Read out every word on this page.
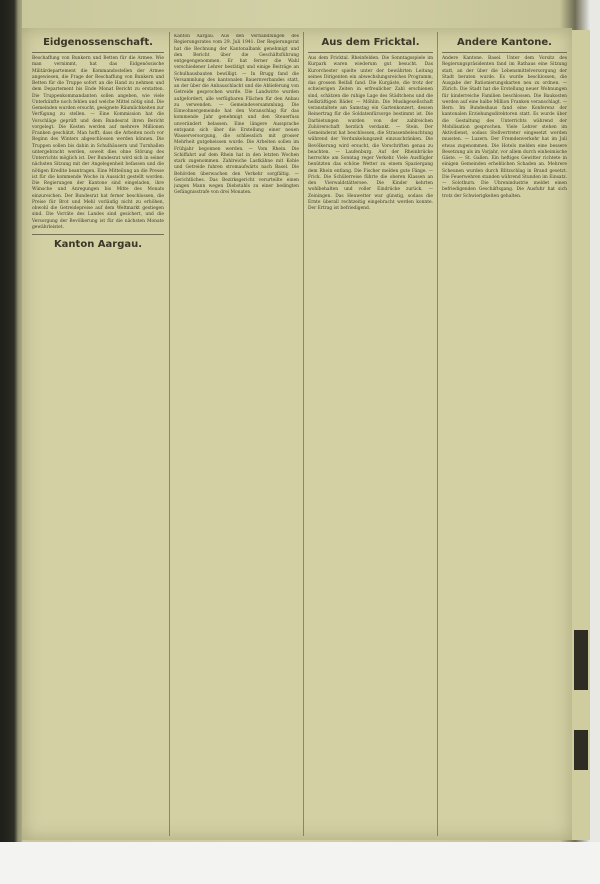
Eidgenossenschaft.
Beschaffung von Bunkern und Betten für die Armee. Wie man vernimmt, hat das Eidgenössische Militärdepartement die Kommandostellen der Armee angewiesen, die Frage der Beschaffung von Bunkern und Betten für die Truppe sofort an die Hand zu nehmen und dem Departement bis Ende Monat Bericht zu erstatten. Die Truppenkommandanten sollen angeben, wie viele Unterkünfte noch fehlen und welche Mittel nötig sind. Die Gemeinden wurden ersucht, geeignete Räumlichkeiten zur Verfügung zu stellen. — Eine Kommission hat die Vorschläge geprüft und dem Bundesrat ihren Bericht vorgelegt. Die Kosten werden auf mehrere Millionen Franken geschätzt. Man hofft, dass die Arbeiten noch vor Beginn des Winters abgeschlossen werden können. Die Truppen sollen bis dahin in Schulhäusern und Turnhallen untergebracht werden, soweit dies ohne Störung des Unterrichts möglich ist. Der Bundesrat wird sich in seiner nächsten Sitzung mit der Angelegenheit befassen und die nötigen Kredite beantragen. Eine Mitteilung an die Presse ist für die kommende Woche in Aussicht gestellt worden. Die Regierungen der Kantone sind eingeladen, ihre Wünsche und Anregungen bis Mitte des Monats einzureichen. Der Bundesrat hat ferner beschlossen, die Preise für Brot und Mehl vorläufig nicht zu erhöhen, obwohl die Getreidepreise auf dem Weltmarkt gestiegen sind. Die Vorräte des Landes sind gesichert, und die Versorgung der Bevölkerung ist für die nächsten Monate gewährleistet.
Kanton Aargau.
Kanton Aargau. Aus den Verhandlungen des Regierungsrates vom 29. Juli 1941. Der Regierungsrat hat die Rechnung der Kantonalbank genehmigt und den Bericht über die Geschäftsführung entgegengenommen. Er hat ferner die Wahl verschiedener Lehrer bestätigt und einige Beiträge an Schulhausbauten bewilligt. — In Brugg fand die Versammlung des kantonalen Bauernverbandes statt, an der über die Anbauschlacht und die Ablieferung von Getreide gesprochen wurde. Die Landwirte wurden aufgefordert, alle verfügbaren Flächen für den Anbau zu verwenden. — Gemeindeversammlung. Die Einwohnergemeinde hat den Voranschlag für das kommende Jahr genehmigt und den Steuerfuss unverändert belassen. Eine längere Aussprache entspann sich über die Erstellung einer neuen Wasserversorgung, die schliesslich mit grosser Mehrheit gutgeheissen wurde. Die Arbeiten sollen im Frühjahr begonnen werden. — Vom Rhein. Die Schiffahrt auf dem Rhein hat in den letzten Wochen stark zugenommen. Zahlreiche Lastkähne mit Kohle und Getreide fuhren stromaufwärts nach Basel. Die Behörden überwachen den Verkehr sorgfältig. — Gerichtliches. Das Bezirksgericht verurteilte einen jungen Mann wegen Diebstahls zu einer bedingten Gefängnisstrafe von drei Monaten.
Aus dem Fricktal.
Aus dem Fricktal. Rheinfelden. Die Sonntagsspiele im Kurpark waren wiederum gut besucht. Das Kurorchester spielte unter der bewährten Leitung seines Dirigenten ein abwechslungsreiches Programm, das grossen Beifall fand. Die Kurgäste, die trotz der schwierigen Zeiten in erfreulicher Zahl erschienen sind, schätzen die ruhige Lage des Städtchens und die heilkräftigen Bäder. — Möhlin. Die Musikgesellschaft veranstaltete am Samstag ein Gartenkonzert, dessen Reinertrag für die Soldatenfürsorge bestimmt ist. Die Darbietungen wurden von der zahlreichen Zuhörerschaft herzlich verdankt. — Stein. Der Gemeinderat hat beschlossen, die Strassenbeleuchtung während der Verdunkelungszeit einzuschränken. Die Bevölkerung wird ersucht, die Vorschriften genau zu beachten. — Laufenburg. Auf der Rheinbrücke herrschte am Sonntag reger Verkehr. Viele Ausflügler benützten das schöne Wetter zu einem Spaziergang dem Rhein entlang. Die Fischer melden gute Fänge. — Frick. Die Schülerreise führte die oberen Klassen an den Vierwaldstättersee. Die Kinder kehrten wohlbehalten und voller Eindrücke zurück. — Zeiningen. Das Heuwetter war günstig, sodass die Ernte überall rechtzeitig eingebracht werden konnte. Der Ertrag ist befriedigend.
Andere Kantone.
Andere Kantone. Basel. Unter dem Vorsitz des Regierungspräsidenten fand im Rathaus eine Sitzung statt, an der über die Lebensmittelversorgung der Stadt beraten wurde. Es wurde beschlossen, die Ausgabe der Rationierungskarten neu zu ordnen. — Zürich. Die Stadt hat die Erstellung neuer Wohnungen für kinderreiche Familien beschlossen. Die Baukosten werden auf eine halbe Million Franken veranschlagt. — Bern. Im Bundeshaus fand eine Konferenz der kantonalen Erziehungsdirektoren statt. Es wurde über die Gestaltung des Unterrichts während der Mobilisation gesprochen. Viele Lehrer stehen im Aktivdienst, sodass Stellvertreter eingesetzt werden mussten. — Luzern. Der Fremdenverkehr hat im Juli etwas zugenommen. Die Hotels melden eine bessere Besetzung als im Vorjahr, vor allem durch einheimische Gäste. — St. Gallen. Ein heftiges Gewitter richtete in einigen Gemeinden erheblichen Schaden an. Mehrere Scheunen wurden durch Blitzschlag in Brand gesetzt. Die Feuerwehren standen während Stunden im Einsatz. — Solothurn. Die Uhrenindustrie meldet einen befriedigenden Geschäftsgang. Die Ausfuhr hat sich trotz der Schwierigkeiten gehalten.
